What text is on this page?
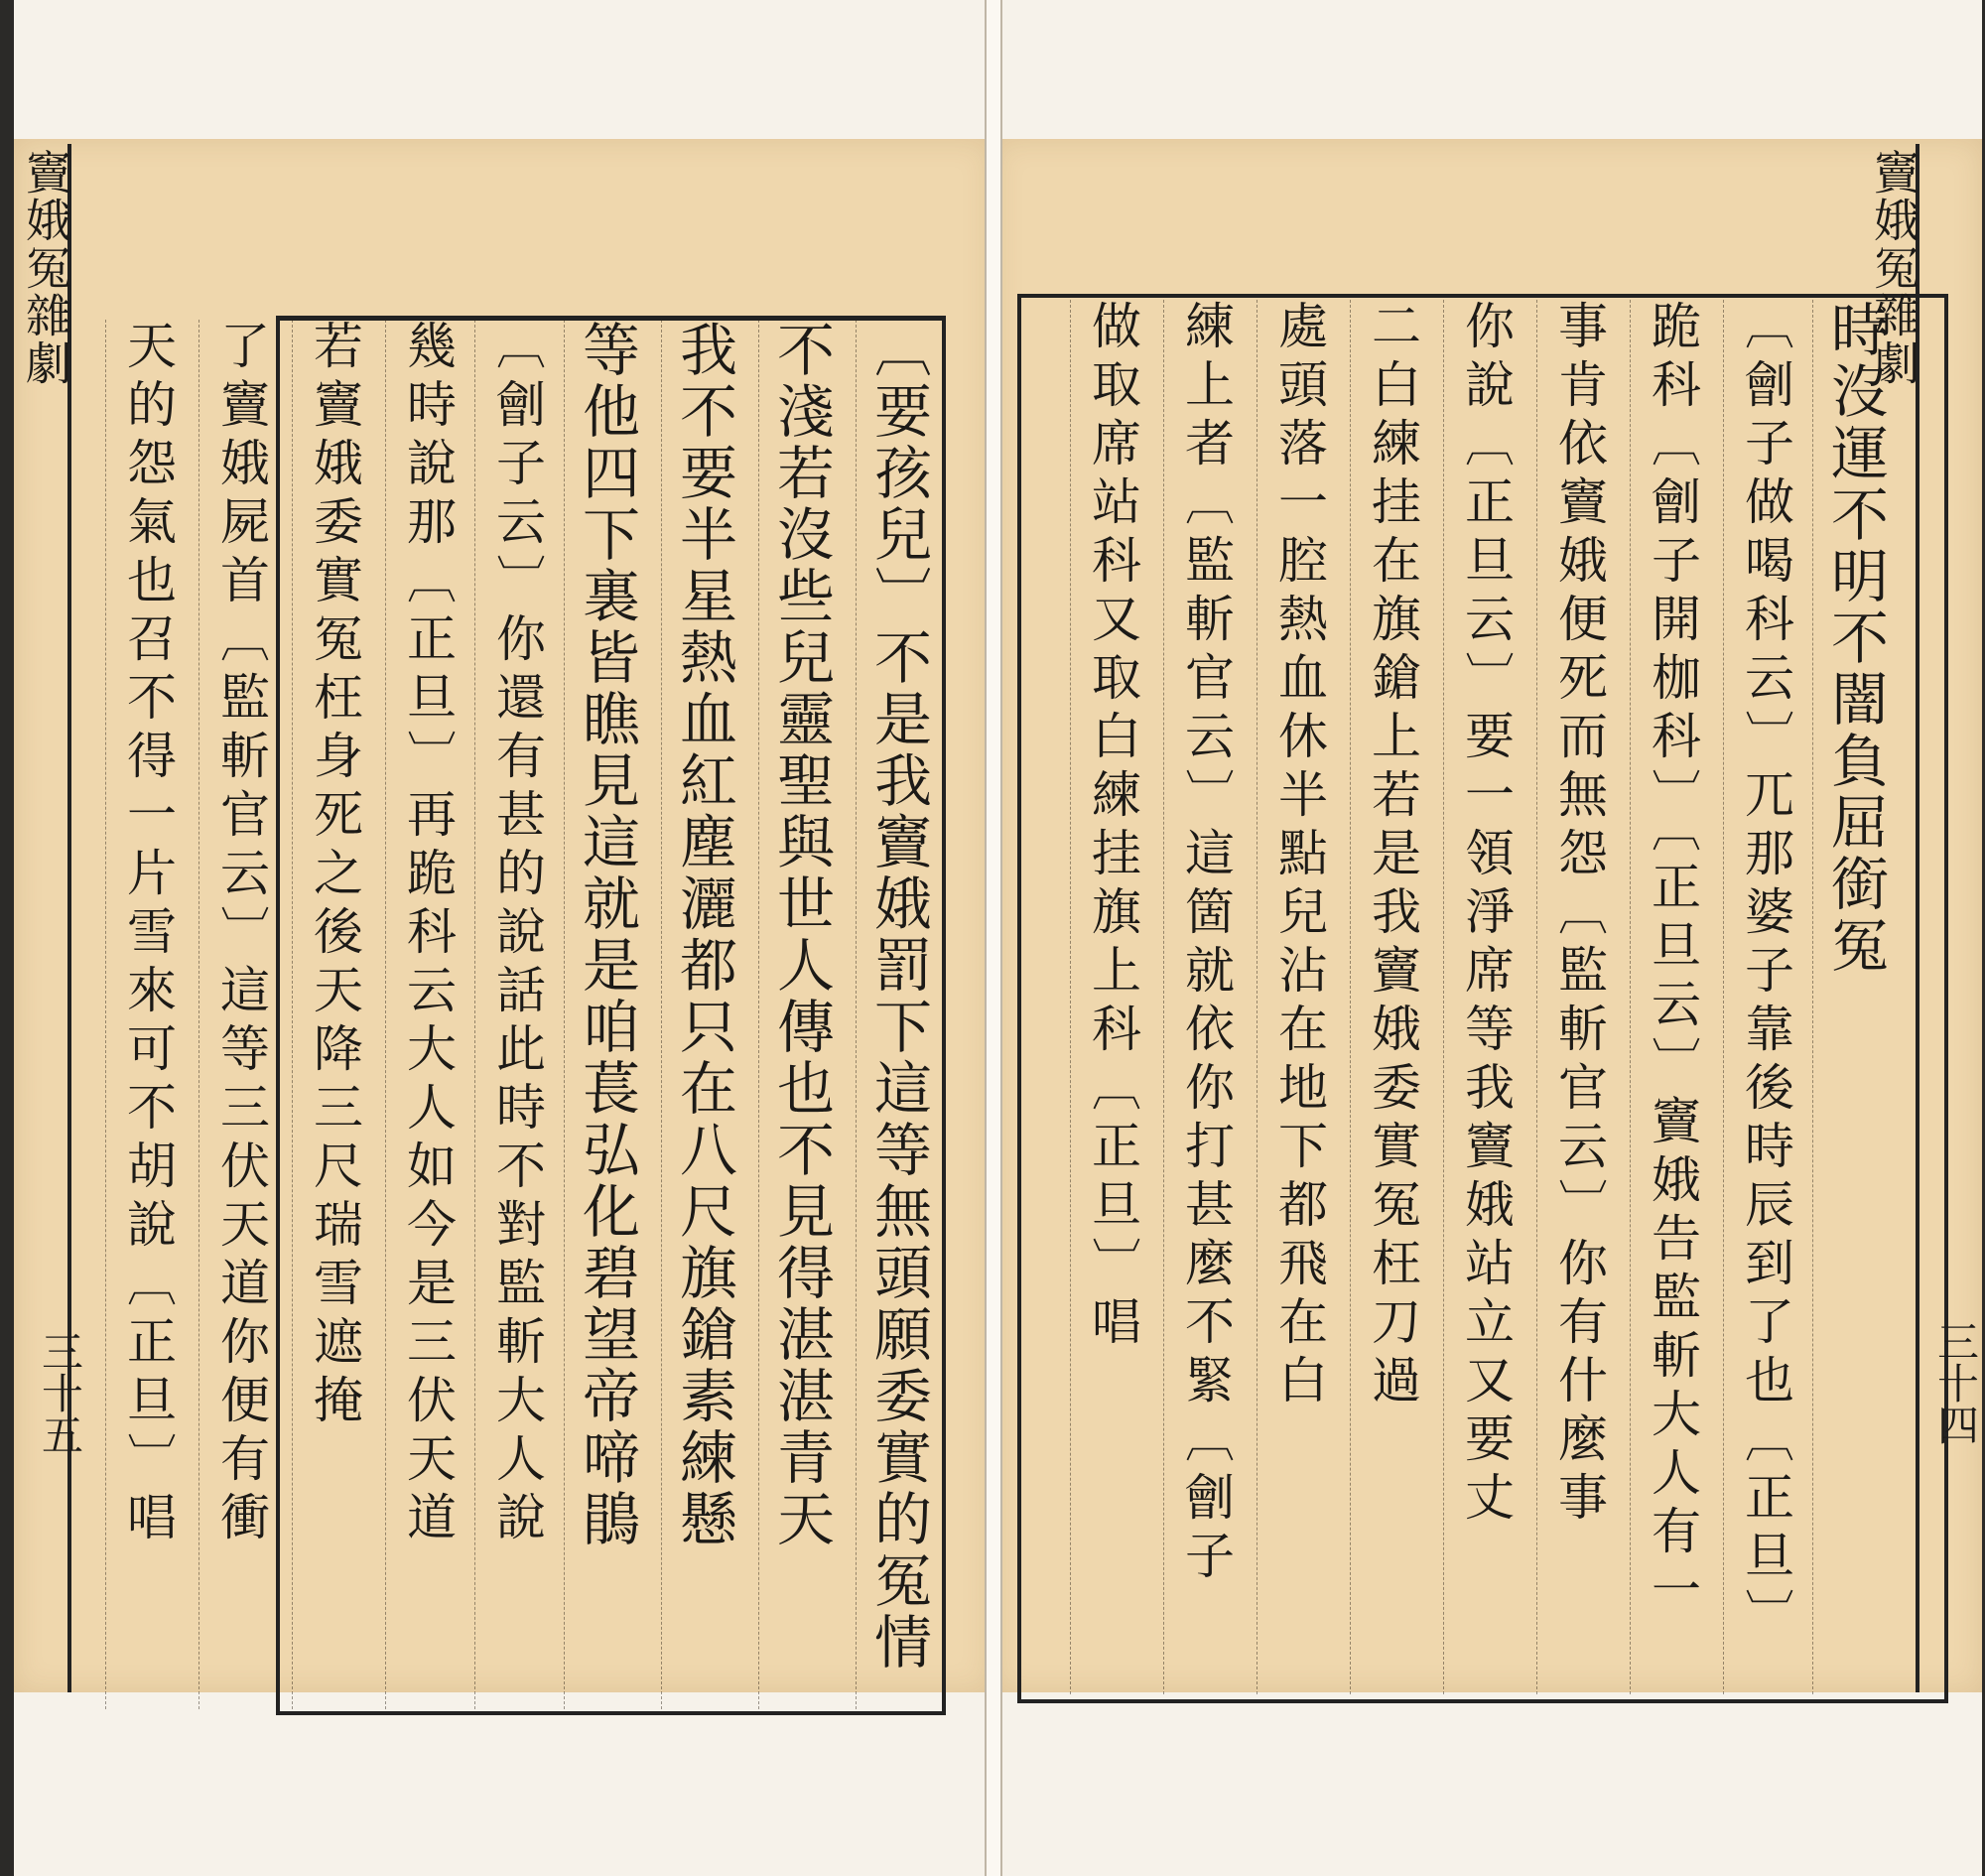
竇娥冤雜劇
三十五	〔要孩兒〕不是我竇娥罰下這等無頭願委實的冤情
不淺若沒些兒靈聖與世人傳也不見得湛湛青天
我不要半星熱血紅塵灑都只在八尺旗鎗素練懸
等他四下裏皆瞧見這就是咱萇弘化碧望帝啼鵑
〔劊子云〕你還有甚的說話此時不對監斬大人說
幾時說那〔正旦〕再跪科云大人如今是三伏天道
若竇娥委實冤枉身死之後天降三尺瑞雪遮掩
了竇娥屍首〔監斬官云〕這等三伏天道你便有衝
天的怨氣也召不得一片雪來可不胡說〔正旦〕唱
竇娥冤雜劇
三十四
時沒運不明不闇負屈銜冤
〔劊子做喝科云〕兀那婆子靠後時辰到了也〔正旦〕
跪科〔劊子開枷科〕〔正旦云〕竇娥告監斬大人有一
事肯依竇娥便死而無怨〔監斬官云〕你有什麼事
你說〔正旦云〕要一領淨席等我竇娥站立又要丈
二白練挂在旗鎗上若是我竇娥委實冤枉刀過
處頭落一腔熱血休半點兒沾在地下都飛在白
練上者〔監斬官云〕這箇就依你打甚麼不緊〔劊子
做取席站科又取白練挂旗上科〔正旦〕唱
